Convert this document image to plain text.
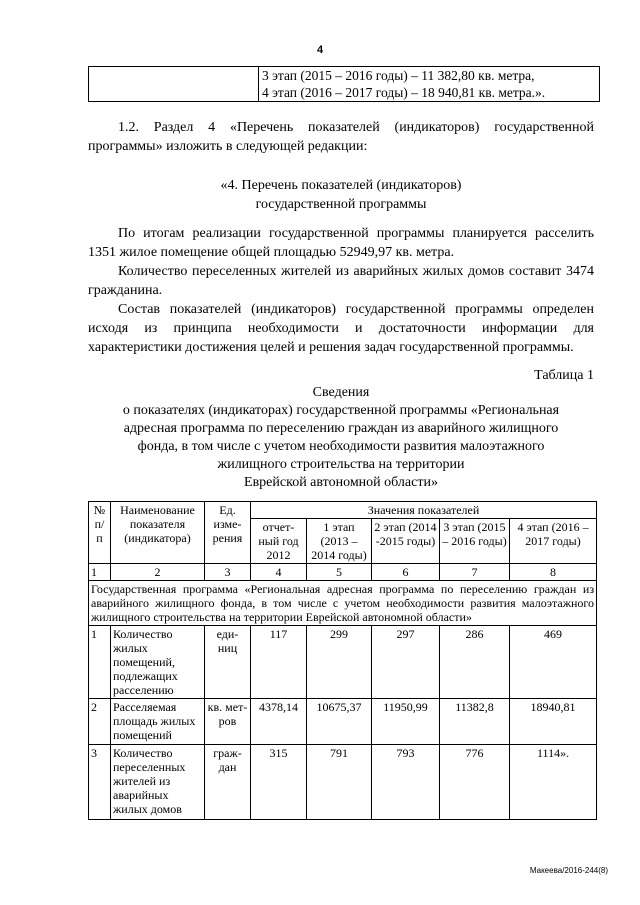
4

3 этап (2015 – 2016 годы) – 11 382,80 кв. метра,
4 этап (2016 – 2017 годы) – 18 940,81 кв. метра.».
1.2. Раздел 4 «Перечень показателей (индикаторов) государственной программы» изложить в следующей редакции:
«4. Перечень показателей (индикаторов)
государственной программы
По итогам реализации государственной программы планируется расселить 1351 жилое помещение общей площадью 52949,97 кв. метра.
Количество переселенных жителей из аварийных жилых домов составит 3474 гражданина.
Состав показателей (индикаторов) государственной программы определен исходя из принципа необходимости и достаточности информации для характеристики достижения целей и решения задач государственной программы.
Таблица 1
Сведения
о показателях (индикаторах) государственной программы «Региональная
адресная программа по переселению граждан из аварийного жилищного
фонда, в том числе с учетом необходимости развития малоэтажного
жилищного строительства на территории
Еврейской автономной области»
№ п/ п	Наименование показателя (индикатора)	Ед. изме- рения	Значения показателей				
			отчет- ный год 2012	1 этап (2013 – 2014 годы)	2 этап (2014 -2015 годы)	3 этап (2015 – 2016 годы)	4 этап (2016 – 2017 годы)
1	2	3	4	5	6	7	8
Государственная программа «Региональная адресная программа по переселению граждан из аварийного жилищного фонда, в том числе с учетом необходимости развития малоэтажного жилищного строительства на территории Еврейской автономной области»							
1	Количество жилых помещений, подлежащих расселению	еди- ниц	117	299	297	286	469
2	Расселяемая площадь жилых помещений	кв. мет- ров	4378,14	10675,37	11950,99	11382,8	18940,81
3	Количество переселенных жителей из аварийных жилых домов	граж- дан	315	791	793	776	1114».
Макеева/2016-244(8)
